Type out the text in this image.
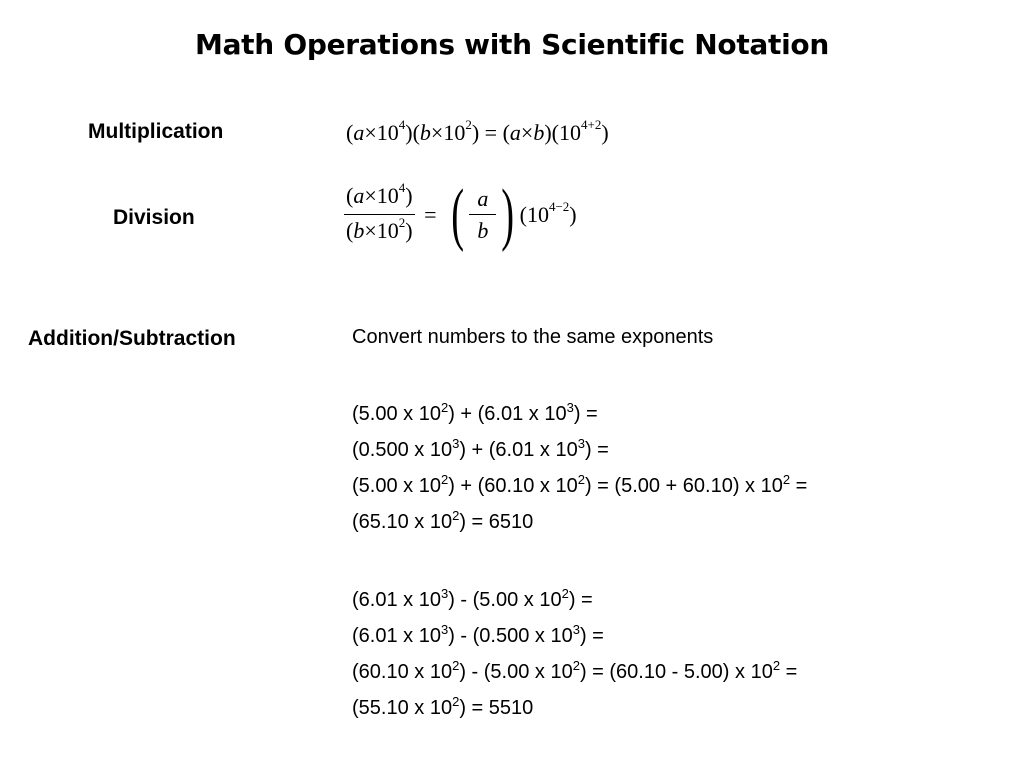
Math Operations with Scientific Notation
Multiplication	$(a\times 10^4)(b\times 10^2) = (a\times b)(10^{4+2})$
Division	$\frac{(a\times 10^4)}{(b\times 10^2)}$ = ( $\frac{a}{b}$ ) $(10^{4-2})$
Addition/Subtraction	Convert numbers to the same exponents
(5.00 x $10^2) + (6.01$ x $10^3$) =
(0.500 x $10^3) + (6.01$ x $10^3$) =
(5.00 x $10^2) + (60.10$ x $10^2) = (5.00 + 60.10)$ x $10^2$ =
(65.10 x $10^2) = 6510$
(6.01 x $10^3) - (5.00$ x $10^2$) =
(6.01 x $10^3) - (0.500$ x $10^3$) =
(60.10 x $10^2) - (5.00$ x $10^2) = (60.10 - 5.00)$ x $10^2$ =
(55.10 x $10^2) = 5510$
